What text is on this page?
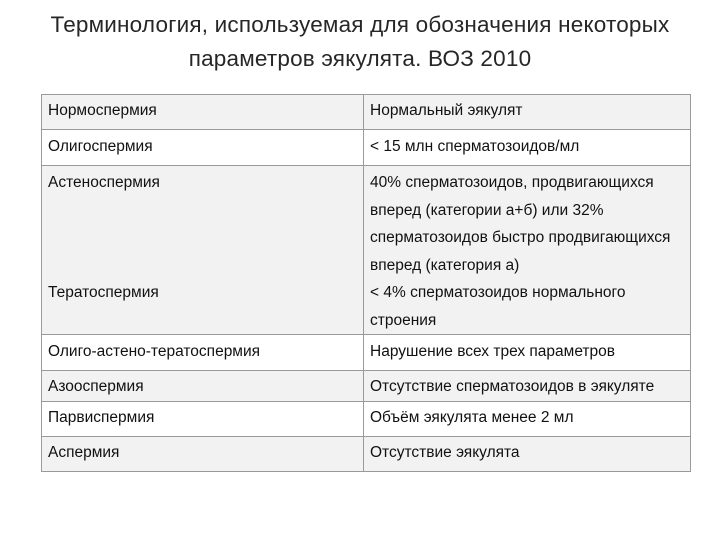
Терминология, используемая для обозначения некоторых параметров эякулята. ВОЗ 2010
Нормоспермия	Нормальный эякулят
Олигоспермия	< 15 млн сперматозоидов/мл
Астеноспермия	40% сперматозоидов, продвигающихся вперед (категории а+б) или 32% сперматозоидов быстро продвигающихся вперед (категория а)
Тератоспермия	< 4% сперматозоидов нормального строения
Олиго-астено-тератоспермия	Нарушение всех трех параметров
Азооспермия	Отсутствие сперматозоидов в эякуляте
Парвиспермия	Объём эякулята менее 2 мл
Аспермия	Отсутствие эякулята
